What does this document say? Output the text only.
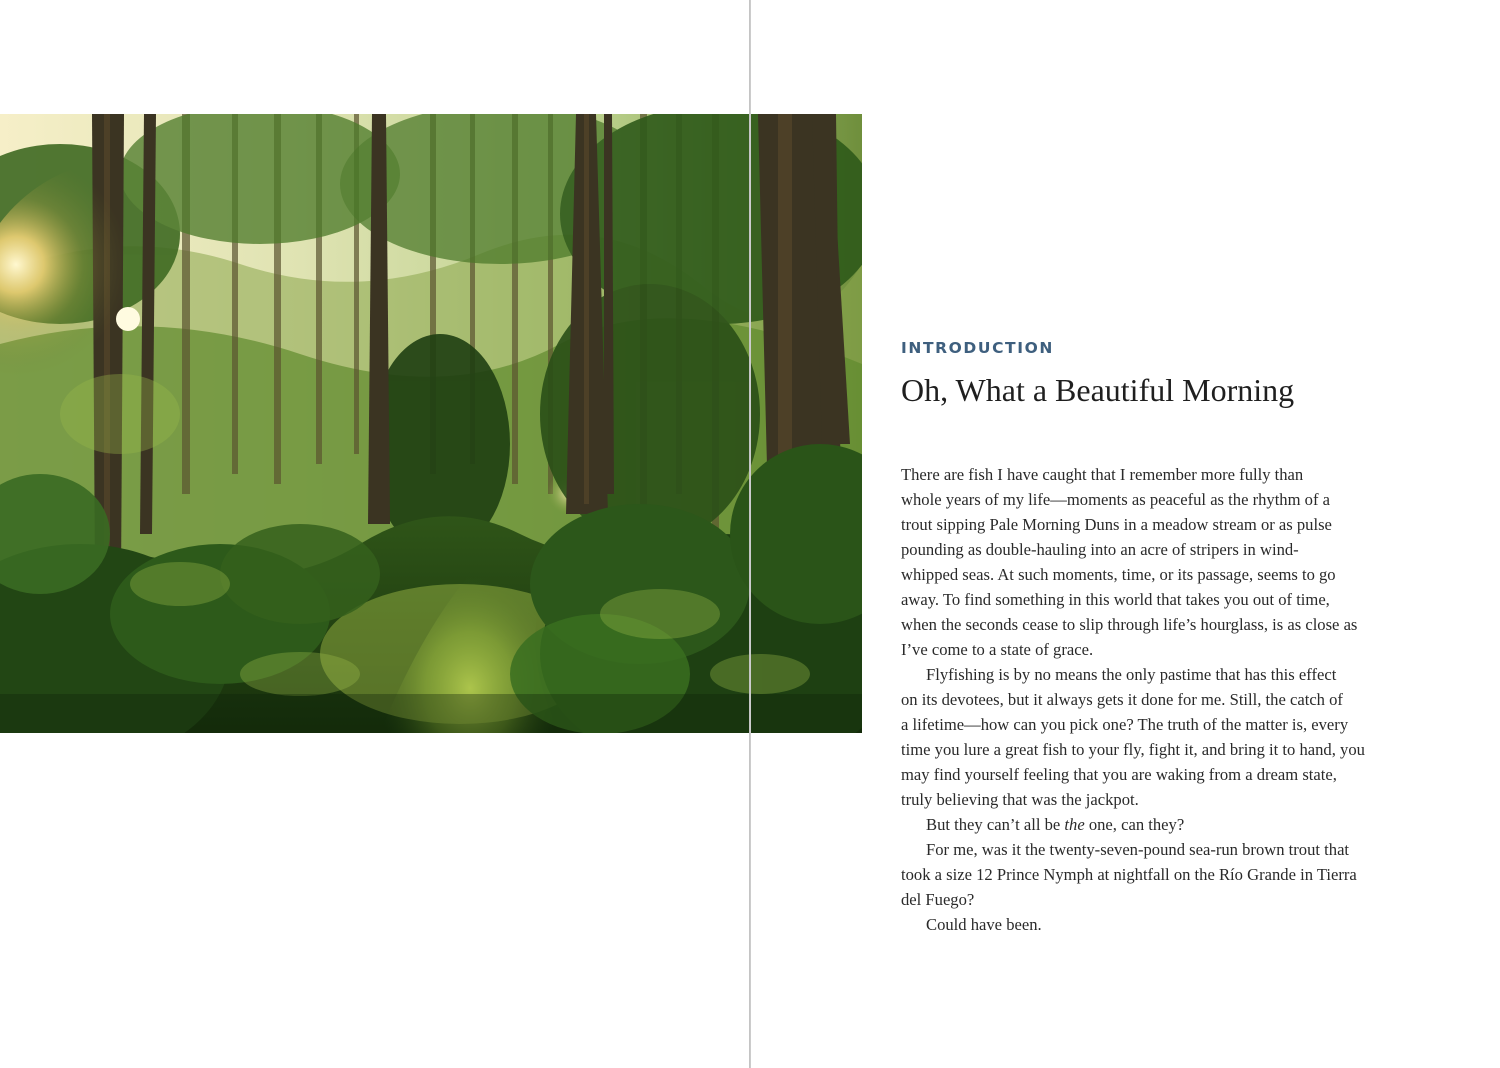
INTRODUCTION

Oh, What a Beautiful Morning
There are fish I have caught that I remember more fully than
whole years of my life—moments as peaceful as the rhythm of a
trout sipping Pale Morning Duns in a meadow stream or as pulse
pounding as double-hauling into an acre of stripers in wind-
whipped seas. At such moments, time, or its passage, seems to go
away. To find something in this world that takes you out of time,
when the seconds cease to slip through life’s hourglass, is as close as
I’ve come to a state of grace.
Flyfishing is by no means the only pastime that has this effect
on its devotees, but it always gets it done for me. Still, the catch of
a lifetime—how can you pick one? The truth of the matter is, every
time you lure a great fish to your fly, fight it, and bring it to hand, you
may find yourself feeling that you are waking from a dream state,
truly believing that was the jackpot.
But they can’t all be the one, can they?
For me, was it the twenty-seven-pound sea-run brown trout that
took a size 12 Prince Nymph at nightfall on the Río Grande in Tierra
del Fuego?
Could have been.
